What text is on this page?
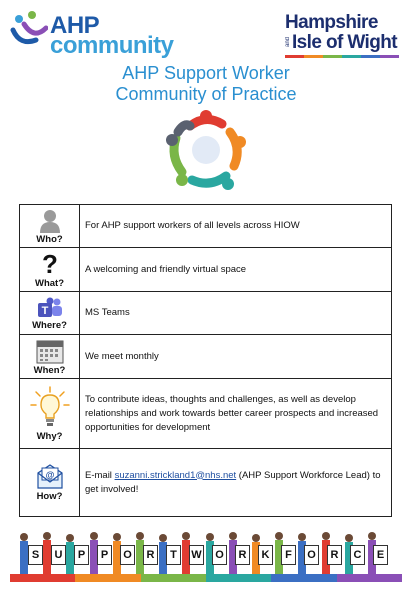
AHP
community
Hampshire
and Isle of Wight
AHP Support Worker
Community of Practice
Who?	For AHP support workers of all levels across HIOW

?
What?	A welcoming and friendly virtual space

T
Where?	MS Teams

When?	We meet monthly

Why?	To contribute ideas, thoughts and challenges, as well as develop relationships and work towards better career prospects and increased opportunities for development

@
How?	E-mail suzanni.strickland1@nhs.net (AHP Support Workforce Lead) to get involved!
S	U	P	P	O	R	T	W O	R	K	F	O	R	C	E
